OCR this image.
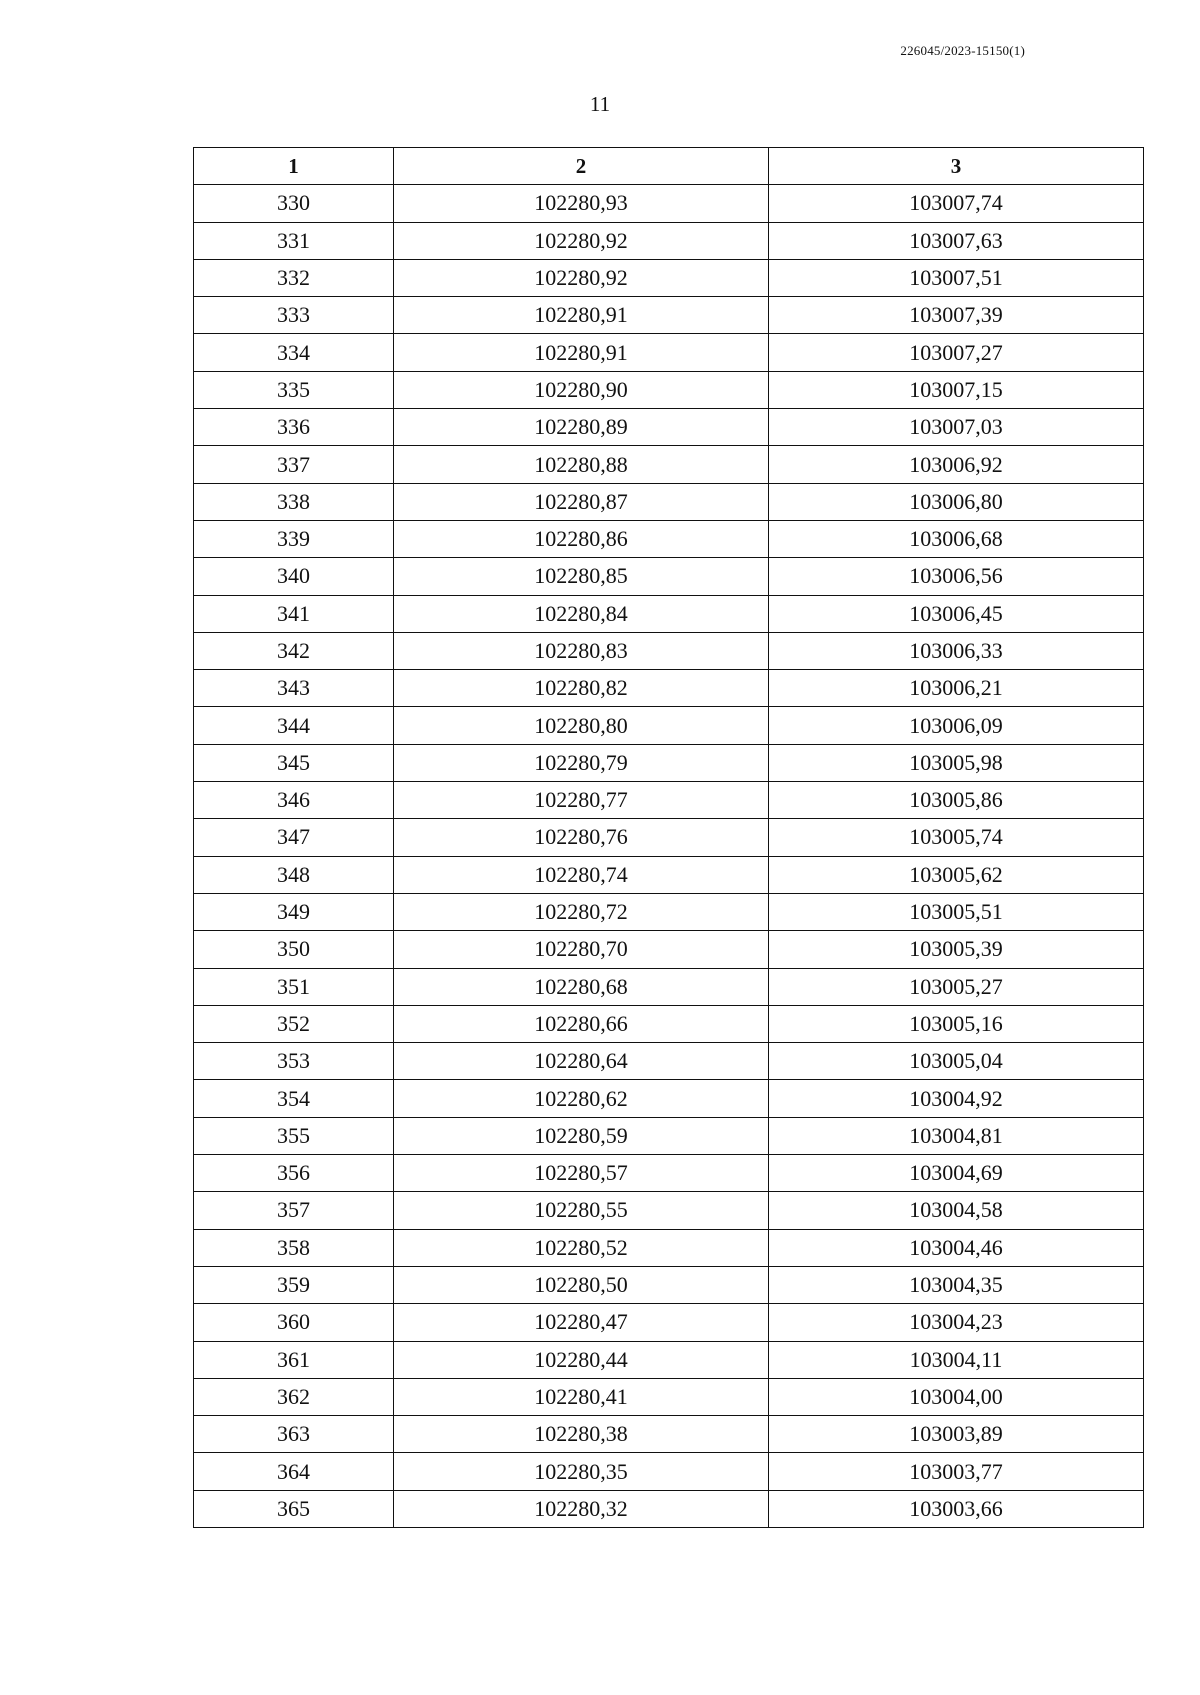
226045/2023-15150(1)
11
1	2	3
330	102280,93	103007,74
331	102280,92	103007,63
332	102280,92	103007,51
333	102280,91	103007,39
334	102280,91	103007,27
335	102280,90	103007,15
336	102280,89	103007,03
337	102280,88	103006,92
338	102280,87	103006,80
339	102280,86	103006,68
340	102280,85	103006,56
341	102280,84	103006,45
342	102280,83	103006,33
343	102280,82	103006,21
344	102280,80	103006,09
345	102280,79	103005,98
346	102280,77	103005,86
347	102280,76	103005,74
348	102280,74	103005,62
349	102280,72	103005,51
350	102280,70	103005,39
351	102280,68	103005,27
352	102280,66	103005,16
353	102280,64	103005,04
354	102280,62	103004,92
355	102280,59	103004,81
356	102280,57	103004,69
357	102280,55	103004,58
358	102280,52	103004,46
359	102280,50	103004,35
360	102280,47	103004,23
361	102280,44	103004,11
362	102280,41	103004,00
363	102280,38	103003,89
364	102280,35	103003,77
365	102280,32	103003,66
